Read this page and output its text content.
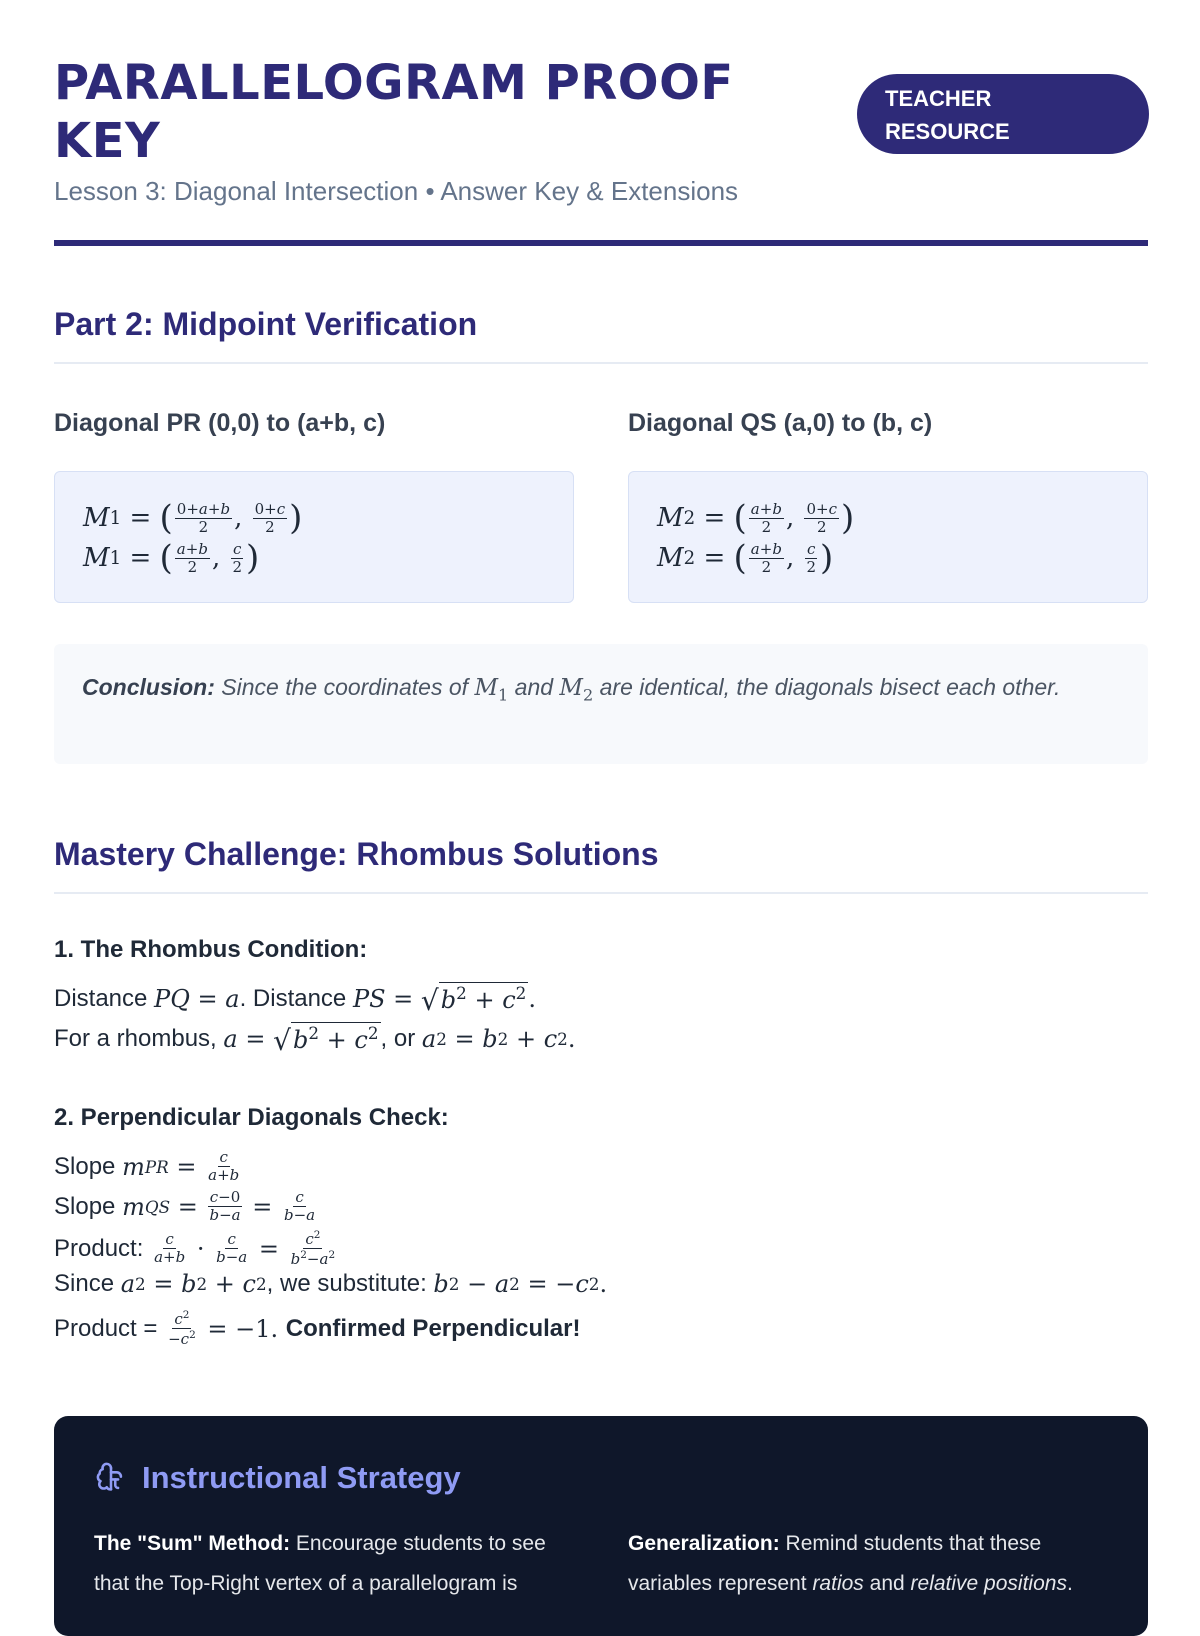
PARALLELOGRAM PROOF KEY
TEACHER RESOURCE

Lesson 3: Diagonal Intersection • Answer Key & Extensions

Part 2: Midpoint Verification
Diagonal PR (0,0) to (a+b, c)	Diagonal QS (a,0) to (b, c)
M 1 = ( $\frac{0+a+b}{2}$ , $\frac{0+c}{2}$ )
M 1 = ( $\frac{a+b}{2}$ , $\frac{c}{2}$ )
M 2 = ( $\frac{a+b}{2}$ , $\frac{0+c}{2}$ )
M 2 = ( $\frac{a+b}{2}$ , $\frac{c}{2}$ )
Conclusion: Since the coordinates of $M_1$ and $M_2$ are identical, the diagonals bisect each other.
Mastery Challenge: Rhombus Solutions
1. The Rhombus Condition:

Distance
PQ = a . Distance
PS = √ $b^2 + c^2$ .

For a rhombus,
a = √ $b^2 + c^2$ , or
a 2 = b 2 + c 2 .

2. Perpendicular Diagonals Check:

Slope
m PR = $\frac{c}{a+b}$

Slope
m QS = $\frac{c-0}{b-a} = \frac{c}{b-a}$

Product:
$\frac{c}{a+b} \cdot \frac{c}{b-a} = \frac{c^2}{b^2-a^2}$

Since
a 2 = b 2 + c 2 , we substitute:
b 2 − a 2 = − c 2 .

Product =
$\frac{c^2}{-c^2} = -1$. Confirmed Perpendicular!

Instructional Strategy

The "Sum" Method: Encourage students to see that the Top-Right vertex of a parallelogram is

Generalization: Remind students that these variables represent ratios and relative positions.
